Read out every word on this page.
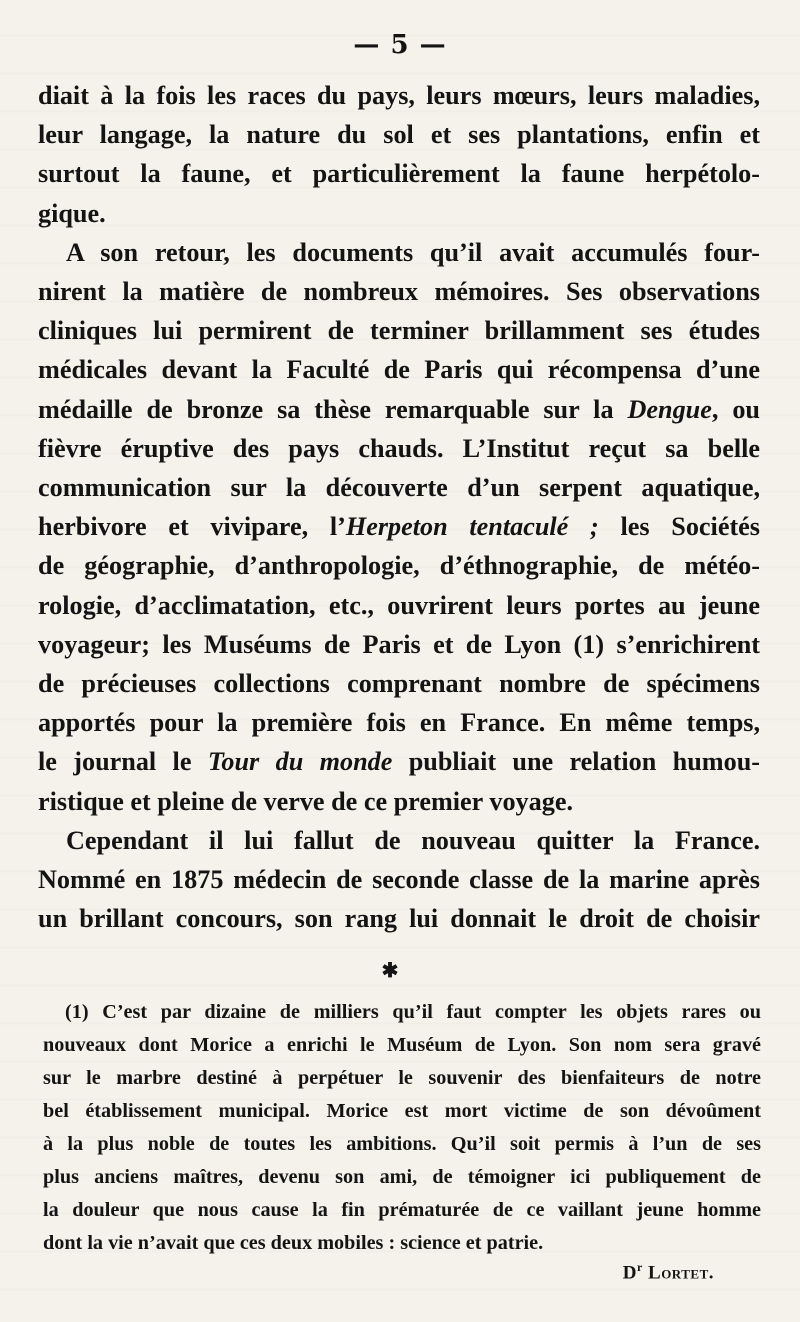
— 5 —
diait à la fois les races du pays, leurs mœurs, leurs maladies,
leur langage, la nature du sol et ses plantations, enfin et
surtout la faune, et particulièrement la faune herpétolo-
gique.
A son retour, les documents qu’il avait accumulés four-
nirent la matière de nombreux mémoires. Ses observations
cliniques lui permirent de terminer brillamment ses études
médicales devant la Faculté de Paris qui récompensa d’une
médaille de bronze sa thèse remarquable sur la Dengue, ou
fièvre éruptive des pays chauds. L’Institut reçut sa belle
communication sur la découverte d’un serpent aquatique,
herbivore et vivipare, l’Herpeton tentaculé ; les Sociétés
de géographie, d’anthropologie, d’éthnographie, de météo-
rologie, d’acclimatation, etc., ouvrirent leurs portes au jeune
voyageur; les Muséums de Paris et de Lyon (1) s’enrichirent
de précieuses collections comprenant nombre de spécimens
apportés pour la première fois en France. En même temps,
le journal le Tour du monde publiait une relation humou-
ristique et pleine de verve de ce premier voyage.
Cependant il lui fallut de nouveau quitter la France.
Nommé en 1875 médecin de seconde classe de la marine après
un brillant concours, son rang lui donnait le droit de choisir
✱
(1) C’est par dizaine de milliers qu’il faut compter les objets rares ou
nouveaux dont Morice a enrichi le Muséum de Lyon. Son nom sera gravé
sur le marbre destiné à perpétuer le souvenir des bienfaiteurs de notre
bel établissement municipal. Morice est mort victime de son dévoûment
à la plus noble de toutes les ambitions. Qu’il soit permis à l’un de ses
plus anciens maîtres, devenu son ami, de témoigner ici publiquement de
la douleur que nous cause la fin prématurée de ce vaillant jeune homme
dont la vie n’avait que ces deux mobiles : science et patrie.
$D^r$ Lortet.
